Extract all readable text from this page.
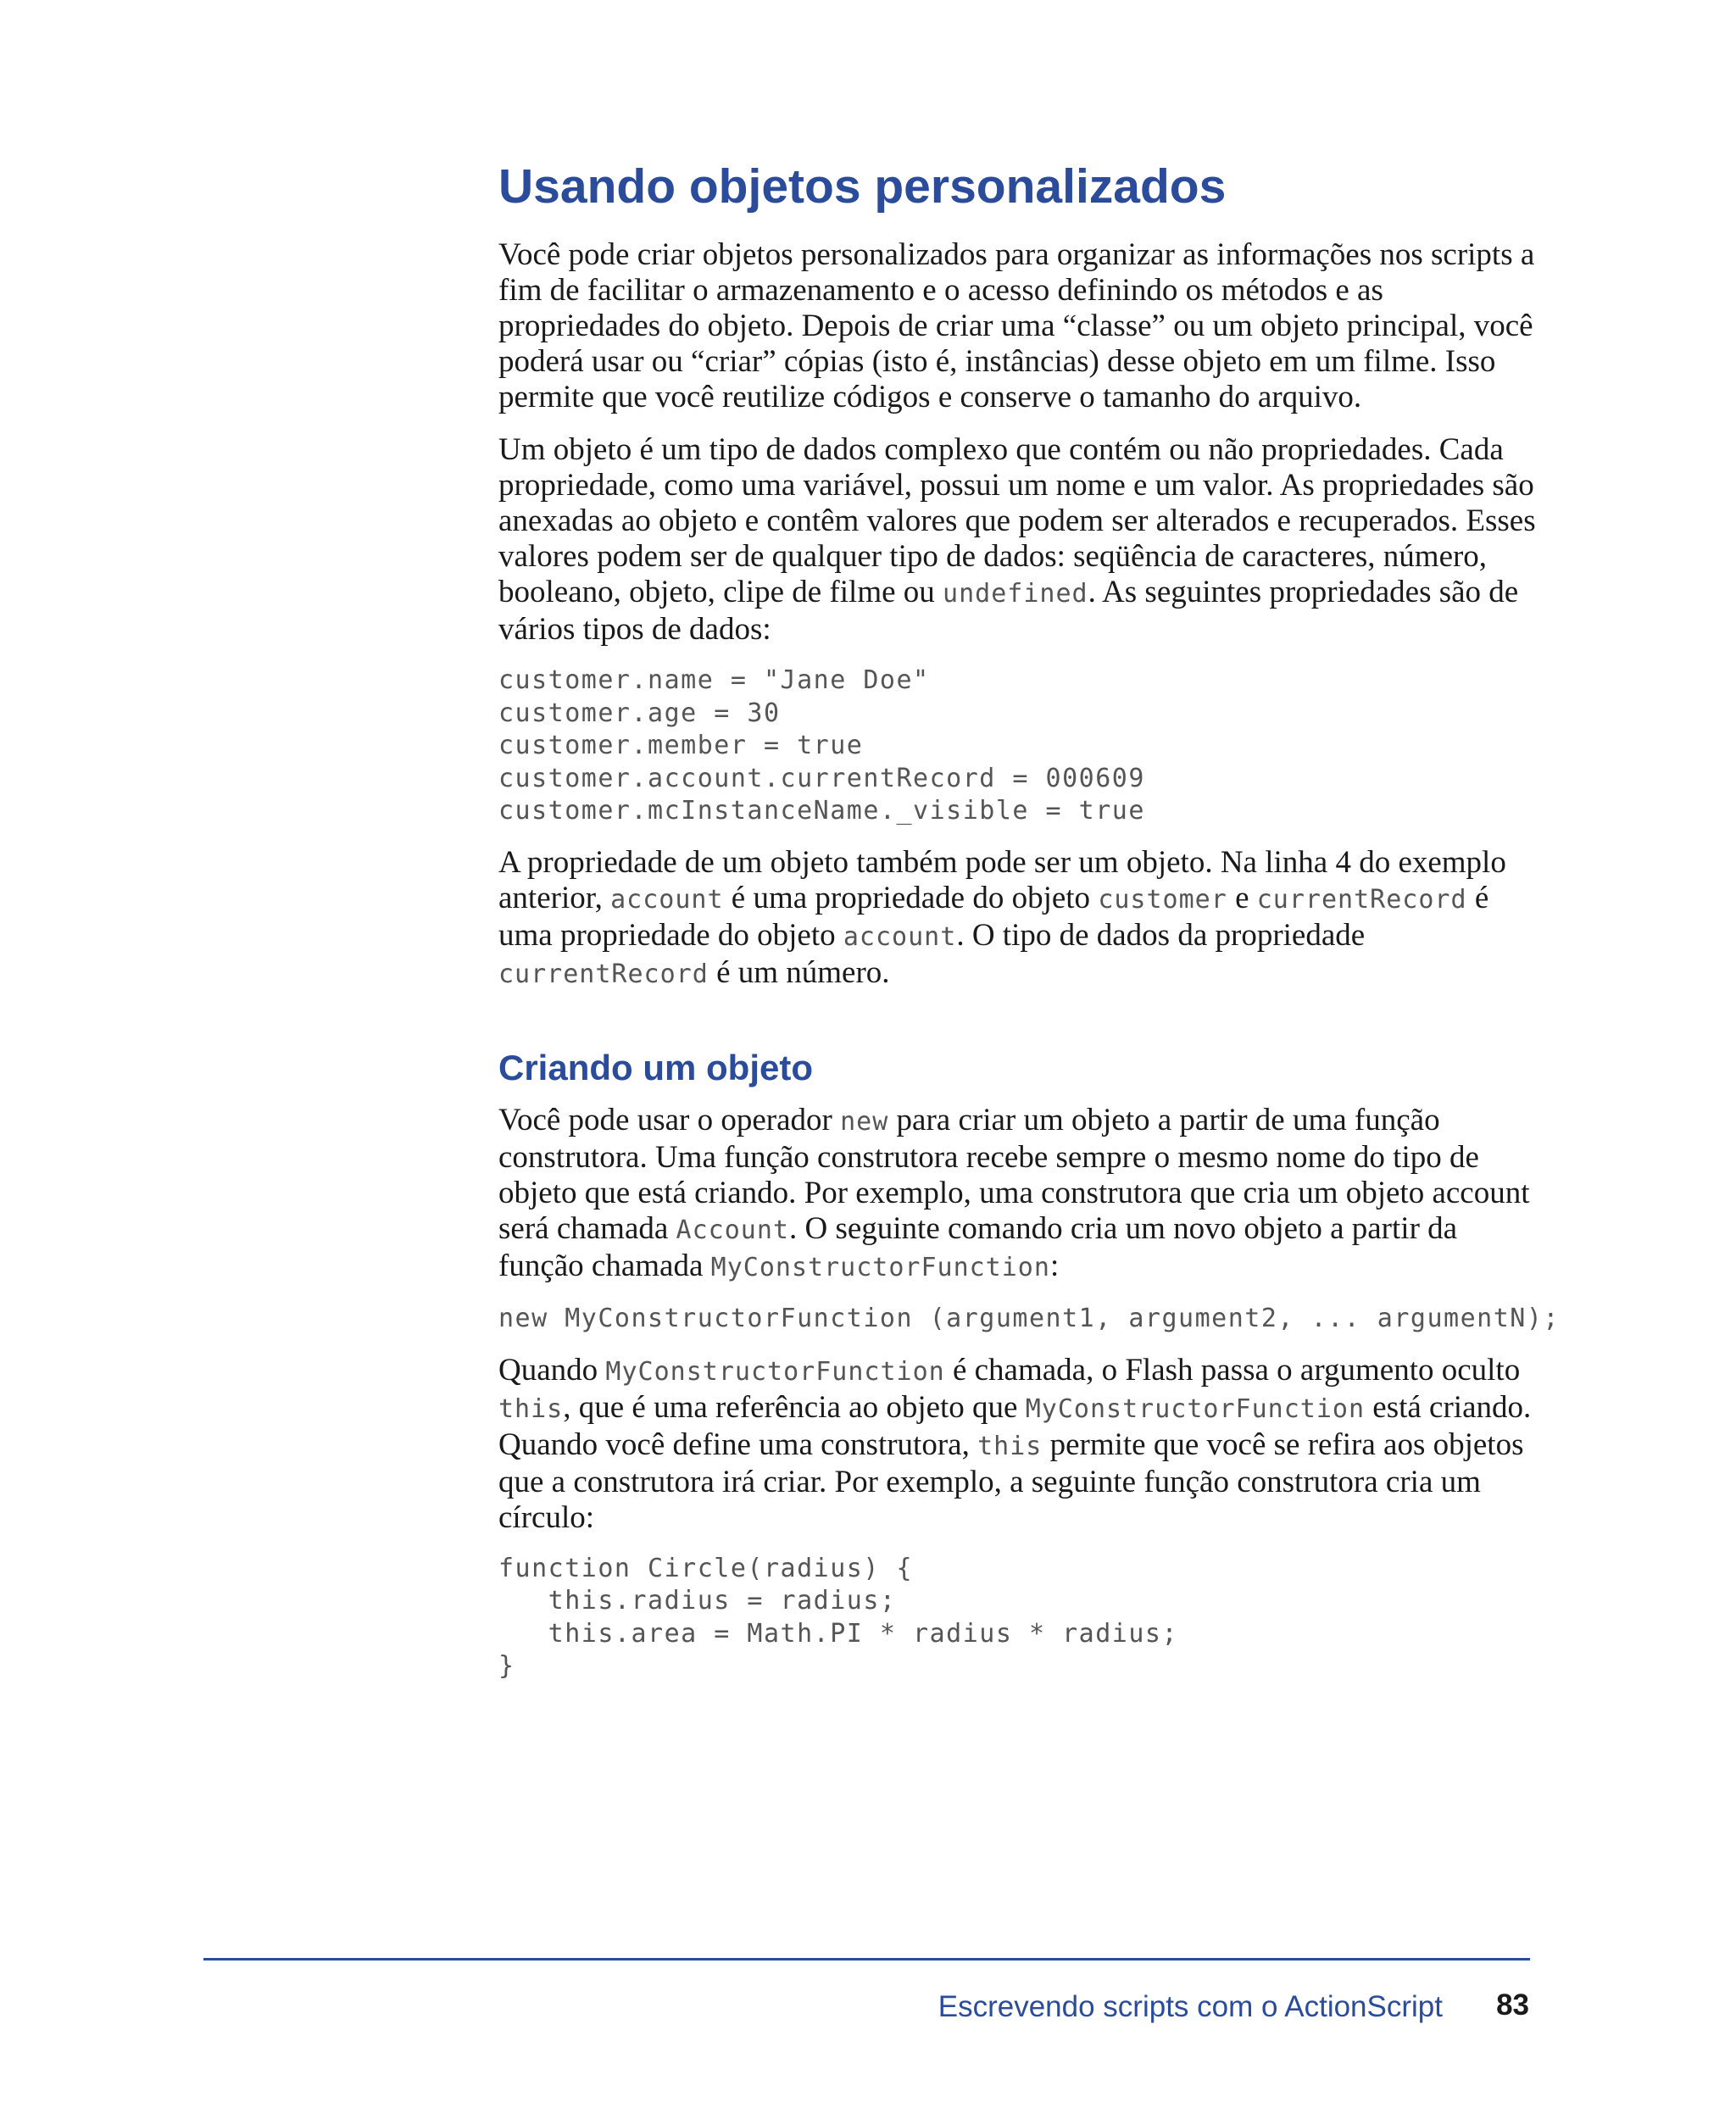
Usando objetos personalizados

Você pode criar objetos personalizados para organizar as informações nos scripts a fim de facilitar o armazenamento e o acesso definindo os métodos e as propriedades do objeto. Depois de criar uma “classe” ou um objeto principal, você poderá usar ou “criar” cópias (isto é, instâncias) desse objeto em um filme. Isso permite que você reutilize códigos e conserve o tamanho do arquivo.

Um objeto é um tipo de dados complexo que contém ou não propriedades. Cada propriedade, como uma variável, possui um nome e um valor. As propriedades são anexadas ao objeto e contêm valores que podem ser alterados e recuperados. Esses valores podem ser de qualquer tipo de dados: seqüência de caracteres, número, booleano, objeto, clipe de filme ou undefined. As seguintes propriedades são de vários tipos de dados:

customer.name = "Jane Doe"
customer.age = 30
customer.member = true
customer.account.currentRecord = 000609
customer.mcInstanceName._visible = true

A propriedade de um objeto também pode ser um objeto. Na linha 4 do exemplo anterior, account é uma propriedade do objeto customer e currentRecord é uma propriedade do objeto account. O tipo de dados da propriedade currentRecord é um número.

Criando um objeto

Você pode usar o operador new para criar um objeto a partir de uma função construtora. Uma função construtora recebe sempre o mesmo nome do tipo de objeto que está criando. Por exemplo, uma construtora que cria um objeto account será chamada Account. O seguinte comando cria um novo objeto a partir da função chamada MyConstructorFunction:

new MyConstructorFunction (argument1, argument2, ... argumentN);

Quando MyConstructorFunction é chamada, o Flash passa o argumento oculto this, que é uma referência ao objeto que MyConstructorFunction está criando. Quando você define uma construtora, this permite que você se refira aos objetos que a construtora irá criar. Por exemplo, a seguinte função construtora cria um círculo:

function Circle(radius) {
this.radius = radius;
this.area = Math.PI * radius * radius;
}
Escrevendo scripts com o ActionScript 83
